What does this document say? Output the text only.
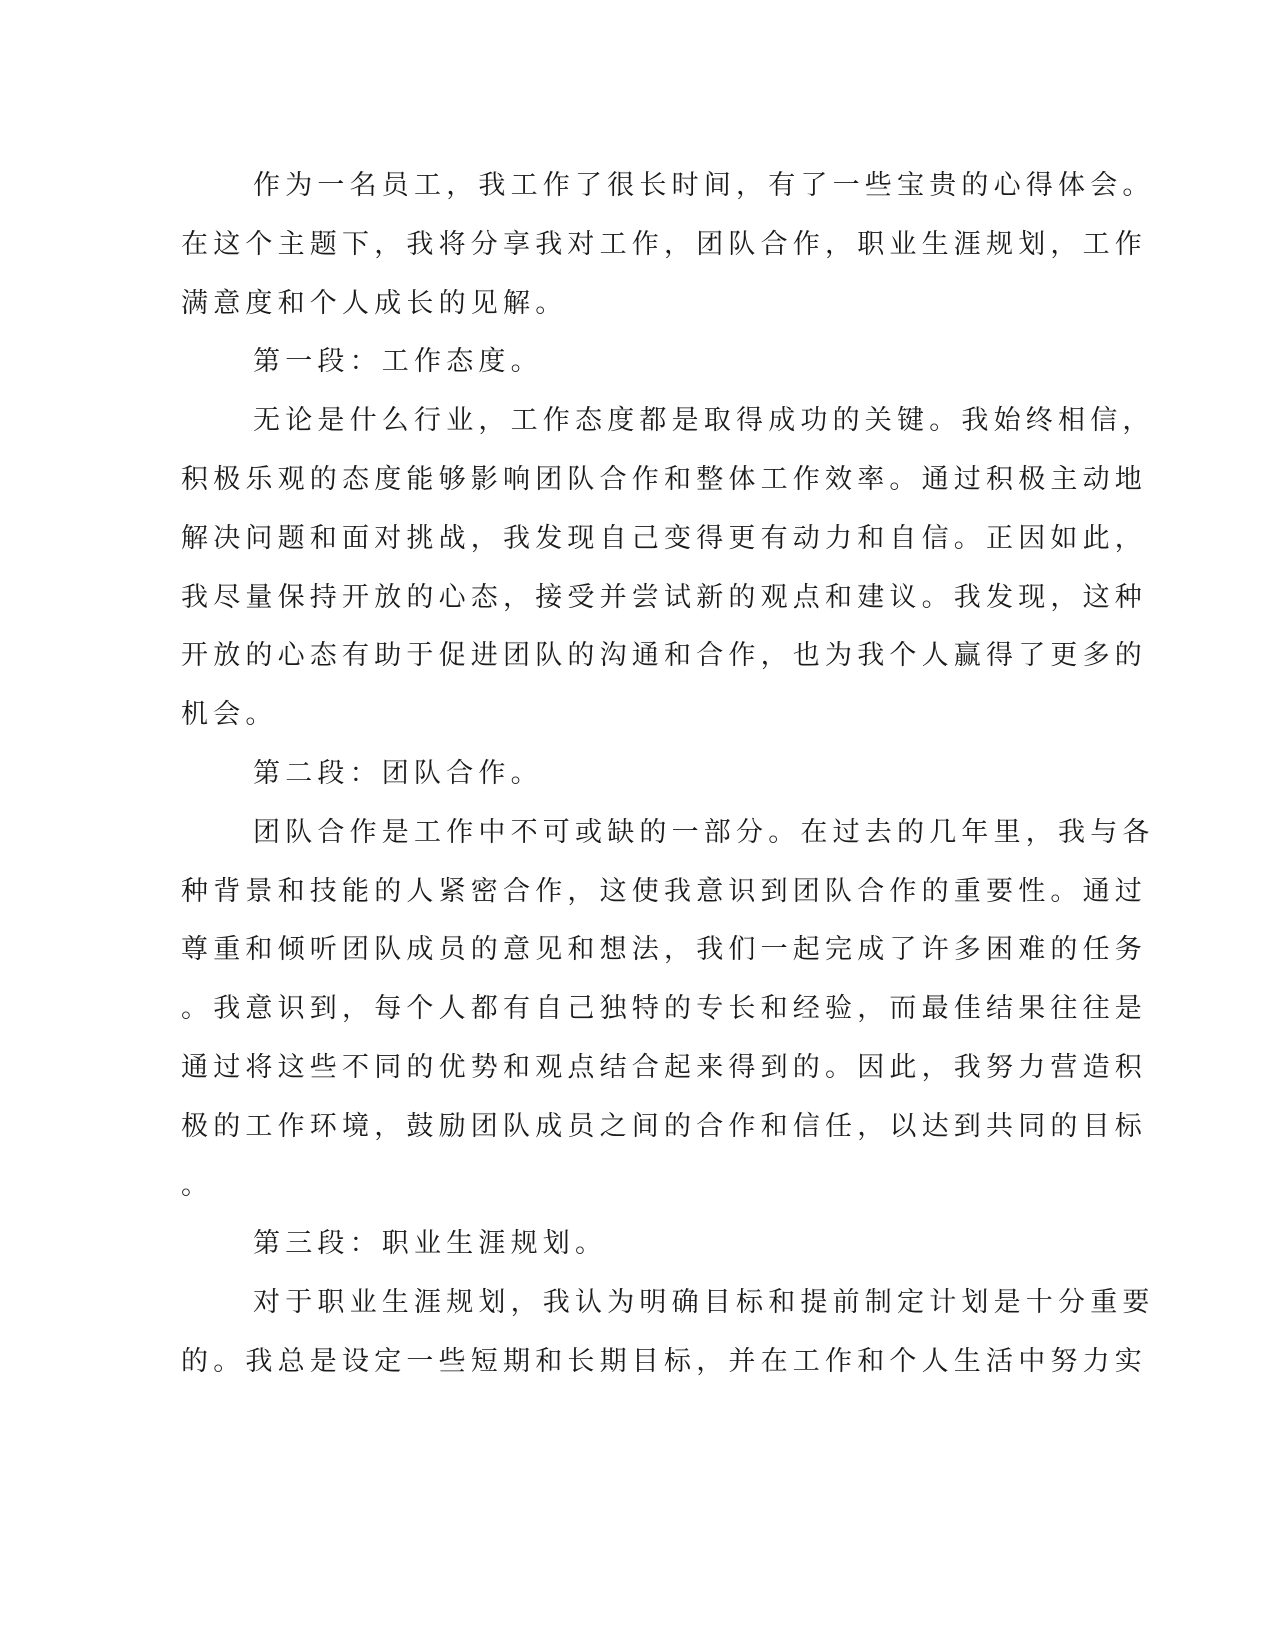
作为一名员工，我工作了很长时间，有了一些宝贵的心得体会。
在这个主题下，我将分享我对工作，团队合作，职业生涯规划，工作
满意度和个人成长的见解。
第一段：工作态度。
无论是什么行业，工作态度都是取得成功的关键。我始终相信，
积极乐观的态度能够影响团队合作和整体工作效率。通过积极主动地
解决问题和面对挑战，我发现自己变得更有动力和自信。正因如此，
我尽量保持开放的心态，接受并尝试新的观点和建议。我发现，这种
开放的心态有助于促进团队的沟通和合作，也为我个人赢得了更多的
机会。
第二段：团队合作。
团队合作是工作中不可或缺的一部分。在过去的几年里，我与各
种背景和技能的人紧密合作，这使我意识到团队合作的重要性。通过
尊重和倾听团队成员的意见和想法，我们一起完成了许多困难的任务
。我意识到，每个人都有自己独特的专长和经验，而最佳结果往往是
通过将这些不同的优势和观点结合起来得到的。因此，我努力营造积
极的工作环境，鼓励团队成员之间的合作和信任，以达到共同的目标
。
第三段：职业生涯规划。
对于职业生涯规划，我认为明确目标和提前制定计划是十分重要
的。我总是设定一些短期和长期目标，并在工作和个人生活中努力实
